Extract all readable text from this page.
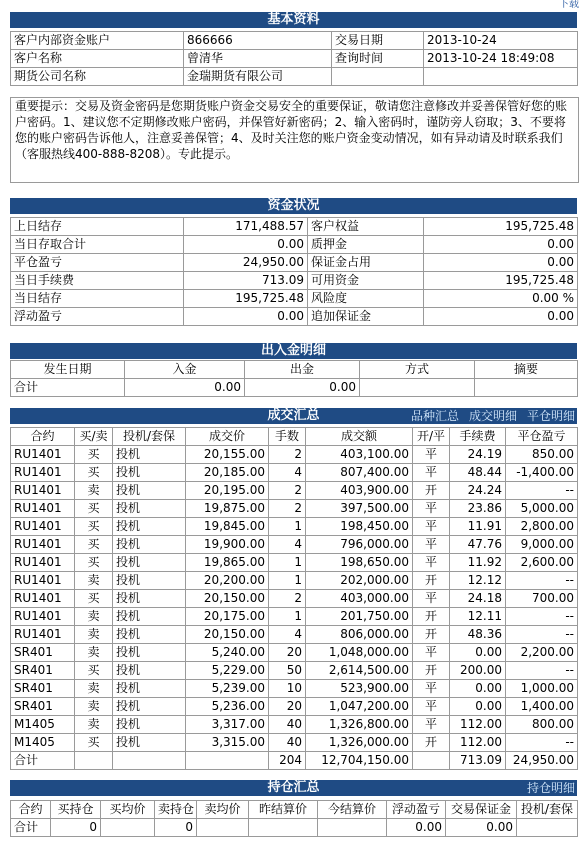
下载
基本资料
客户内部资金账户	866666	交易日期	2013-10-24
客户名称	曾清华	查询时间	2013-10-24 18:49:08
期货公司名称	金瑞期货有限公司		
重要提示：交易及资金密码是您期货账户资金交易安全的重要保证，敬请您注意修改并妥善保管好您的账户密码。1、建议您不定期修改账户密码，并保管好新密码；2、输入密码时，谨防旁人窃取；3、不要将您的账户密码告诉他人，注意妥善保管；4、及时关注您的账户资金变动情况，如有异动请及时联系我们（客服热线400-888-8208）。专此提示。
资金状况
上日结存	171,488.57	客户权益	195,725.48
当日存取合计	0.00	质押金	0.00
平仓盈亏	24,950.00	保证金占用	0.00
当日手续费	713.09	可用资金	195,725.48
当日结存	195,725.48	风险度	0.00 %
浮动盈亏	0.00	追加保证金	0.00
出入金明细
发生日期	入金	出金	方式	摘要
合计	0.00	0.00		
成交汇总	品种汇总 成交明细 平仓明细
合约	买/卖	投机/套保	成交价	手数	成交额	开/平	手续费	平仓盈亏
RU1401	买	投机	20,155.00	2	403,100.00	平	24.19	850.00
RU1401	买	投机	20,185.00	4	807,400.00	平	48.44	-1,400.00
RU1401	卖	投机	20,195.00	2	403,900.00	开	24.24	--
RU1401	买	投机	19,875.00	2	397,500.00	平	23.86	5,000.00
RU1401	买	投机	19,845.00	1	198,450.00	平	11.91	2,800.00
RU1401	买	投机	19,900.00	4	796,000.00	平	47.76	9,000.00
RU1401	买	投机	19,865.00	1	198,650.00	平	11.92	2,600.00
RU1401	卖	投机	20,200.00	1	202,000.00	开	12.12	--
RU1401	买	投机	20,150.00	2	403,000.00	平	24.18	700.00
RU1401	卖	投机	20,175.00	1	201,750.00	开	12.11	--
RU1401	卖	投机	20,150.00	4	806,000.00	开	48.36	--
SR401	卖	投机	5,240.00	20	1,048,000.00	平	0.00	2,200.00
SR401	买	投机	5,229.00	50	2,614,500.00	开	200.00	--
SR401	卖	投机	5,239.00	10	523,900.00	平	0.00	1,000.00
SR401	卖	投机	5,236.00	20	1,047,200.00	平	0.00	1,400.00
M1405	卖	投机	3,317.00	40	1,326,800.00	平	112.00	800.00
M1405	买	投机	3,315.00	40	1,326,000.00	开	112.00	--
合计				204	12,704,150.00		713.09	24,950.00
持仓汇总	持仓明细
合约	买持仓	买均价	卖持仓	卖均价	昨结算价	今结算价	浮动盈亏	交易保证金	投机/套保
合计	0		0				0.00	0.00	
